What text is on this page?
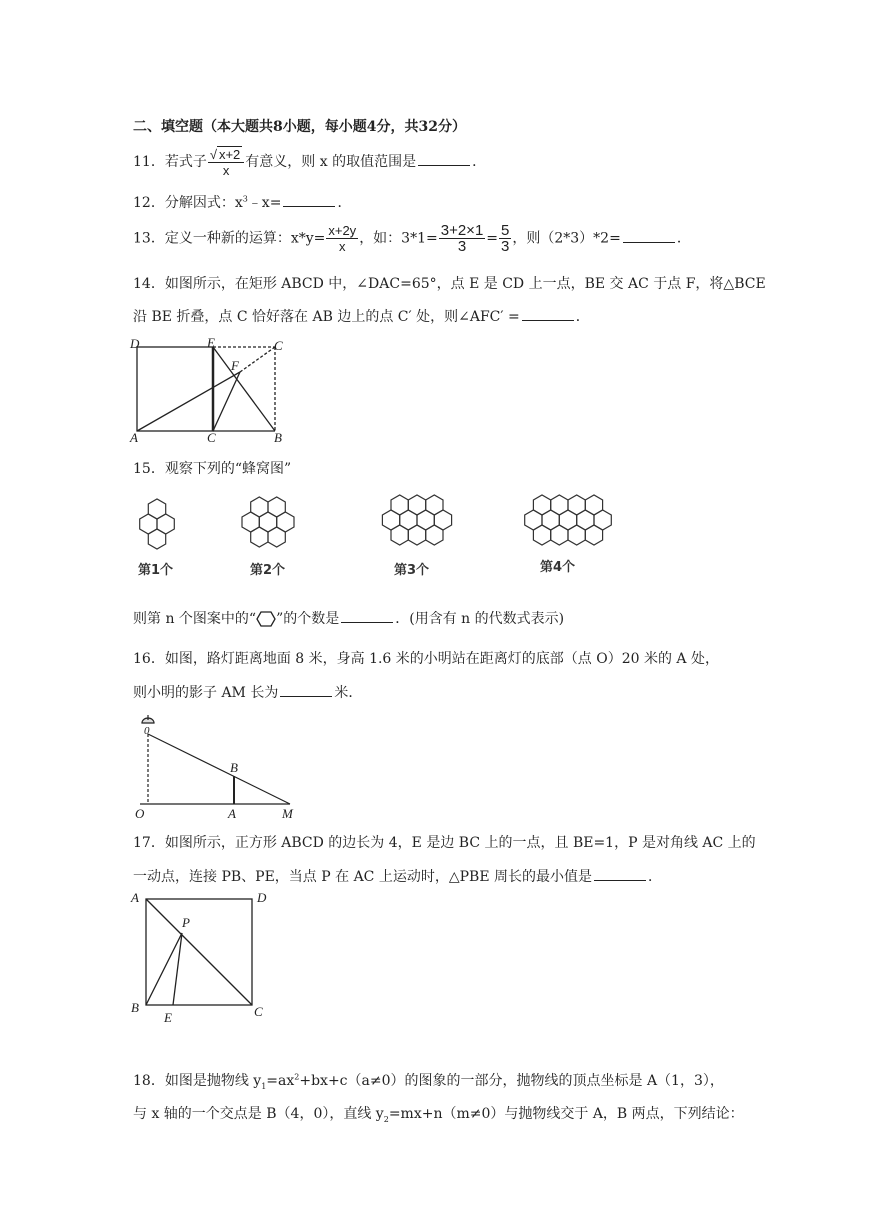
二、填空题（本大题共8小题，每小题4分，共32分）
11．若式子 $\frac{√ x+2}{x}$ 有意义，则 x 的取值范围是	．
12．分解因式：$x^3﹣x=$	．
13．定义一种新的运算：$x*y= \frac{x+2y}{x}$ ，如：$3*1= \frac{3+2\times 1}{3} = \frac{5}{3}$ ，则（2*3）*2=	．
14．如图所示，在矩形 ABCD 中，∠DAC=65°，点 E 是 CD 上一点，BE 交 AC 于点 F，将△BCE
沿 BE 折叠，点 C 恰好落在 AB 边上的点 C′ 处，则∠AFC′ =	．
D	E	C
F
A	C	B
15．观察下列的“蜂窝图”
第1个	第2个	第3个	第4个
则第 n 个图案中的“ ”的个数是	．(用含有 n 的代数式表示)
16．如图，路灯距离地面 8 米，身高 1.6 米的小明站在距离灯的底部（点 O）20 米的 A 处，
则小明的影子 AM 长为	米．
0
B
O	A	M
17．如图所示，正方形 ABCD 的边长为 4，E 是边 BC 上的一点，且 BE=1，P 是对角线 AC 上的
一动点，连接 PB、PE，当点 P 在 AC 上运动时，△PBE 周长的最小值是	．
A	D
P
B
E	C
18．如图是抛物线 $y_1=ax^2+bx+c(a\ne 0)$的图象的一部分，抛物线的顶点坐标是 A（1，3），
与 x 轴的一个交点是 B（4，0），直线 $y_2=mx+n(m\ne 0)$与抛物线交于 A，B 两点，下列结论：
